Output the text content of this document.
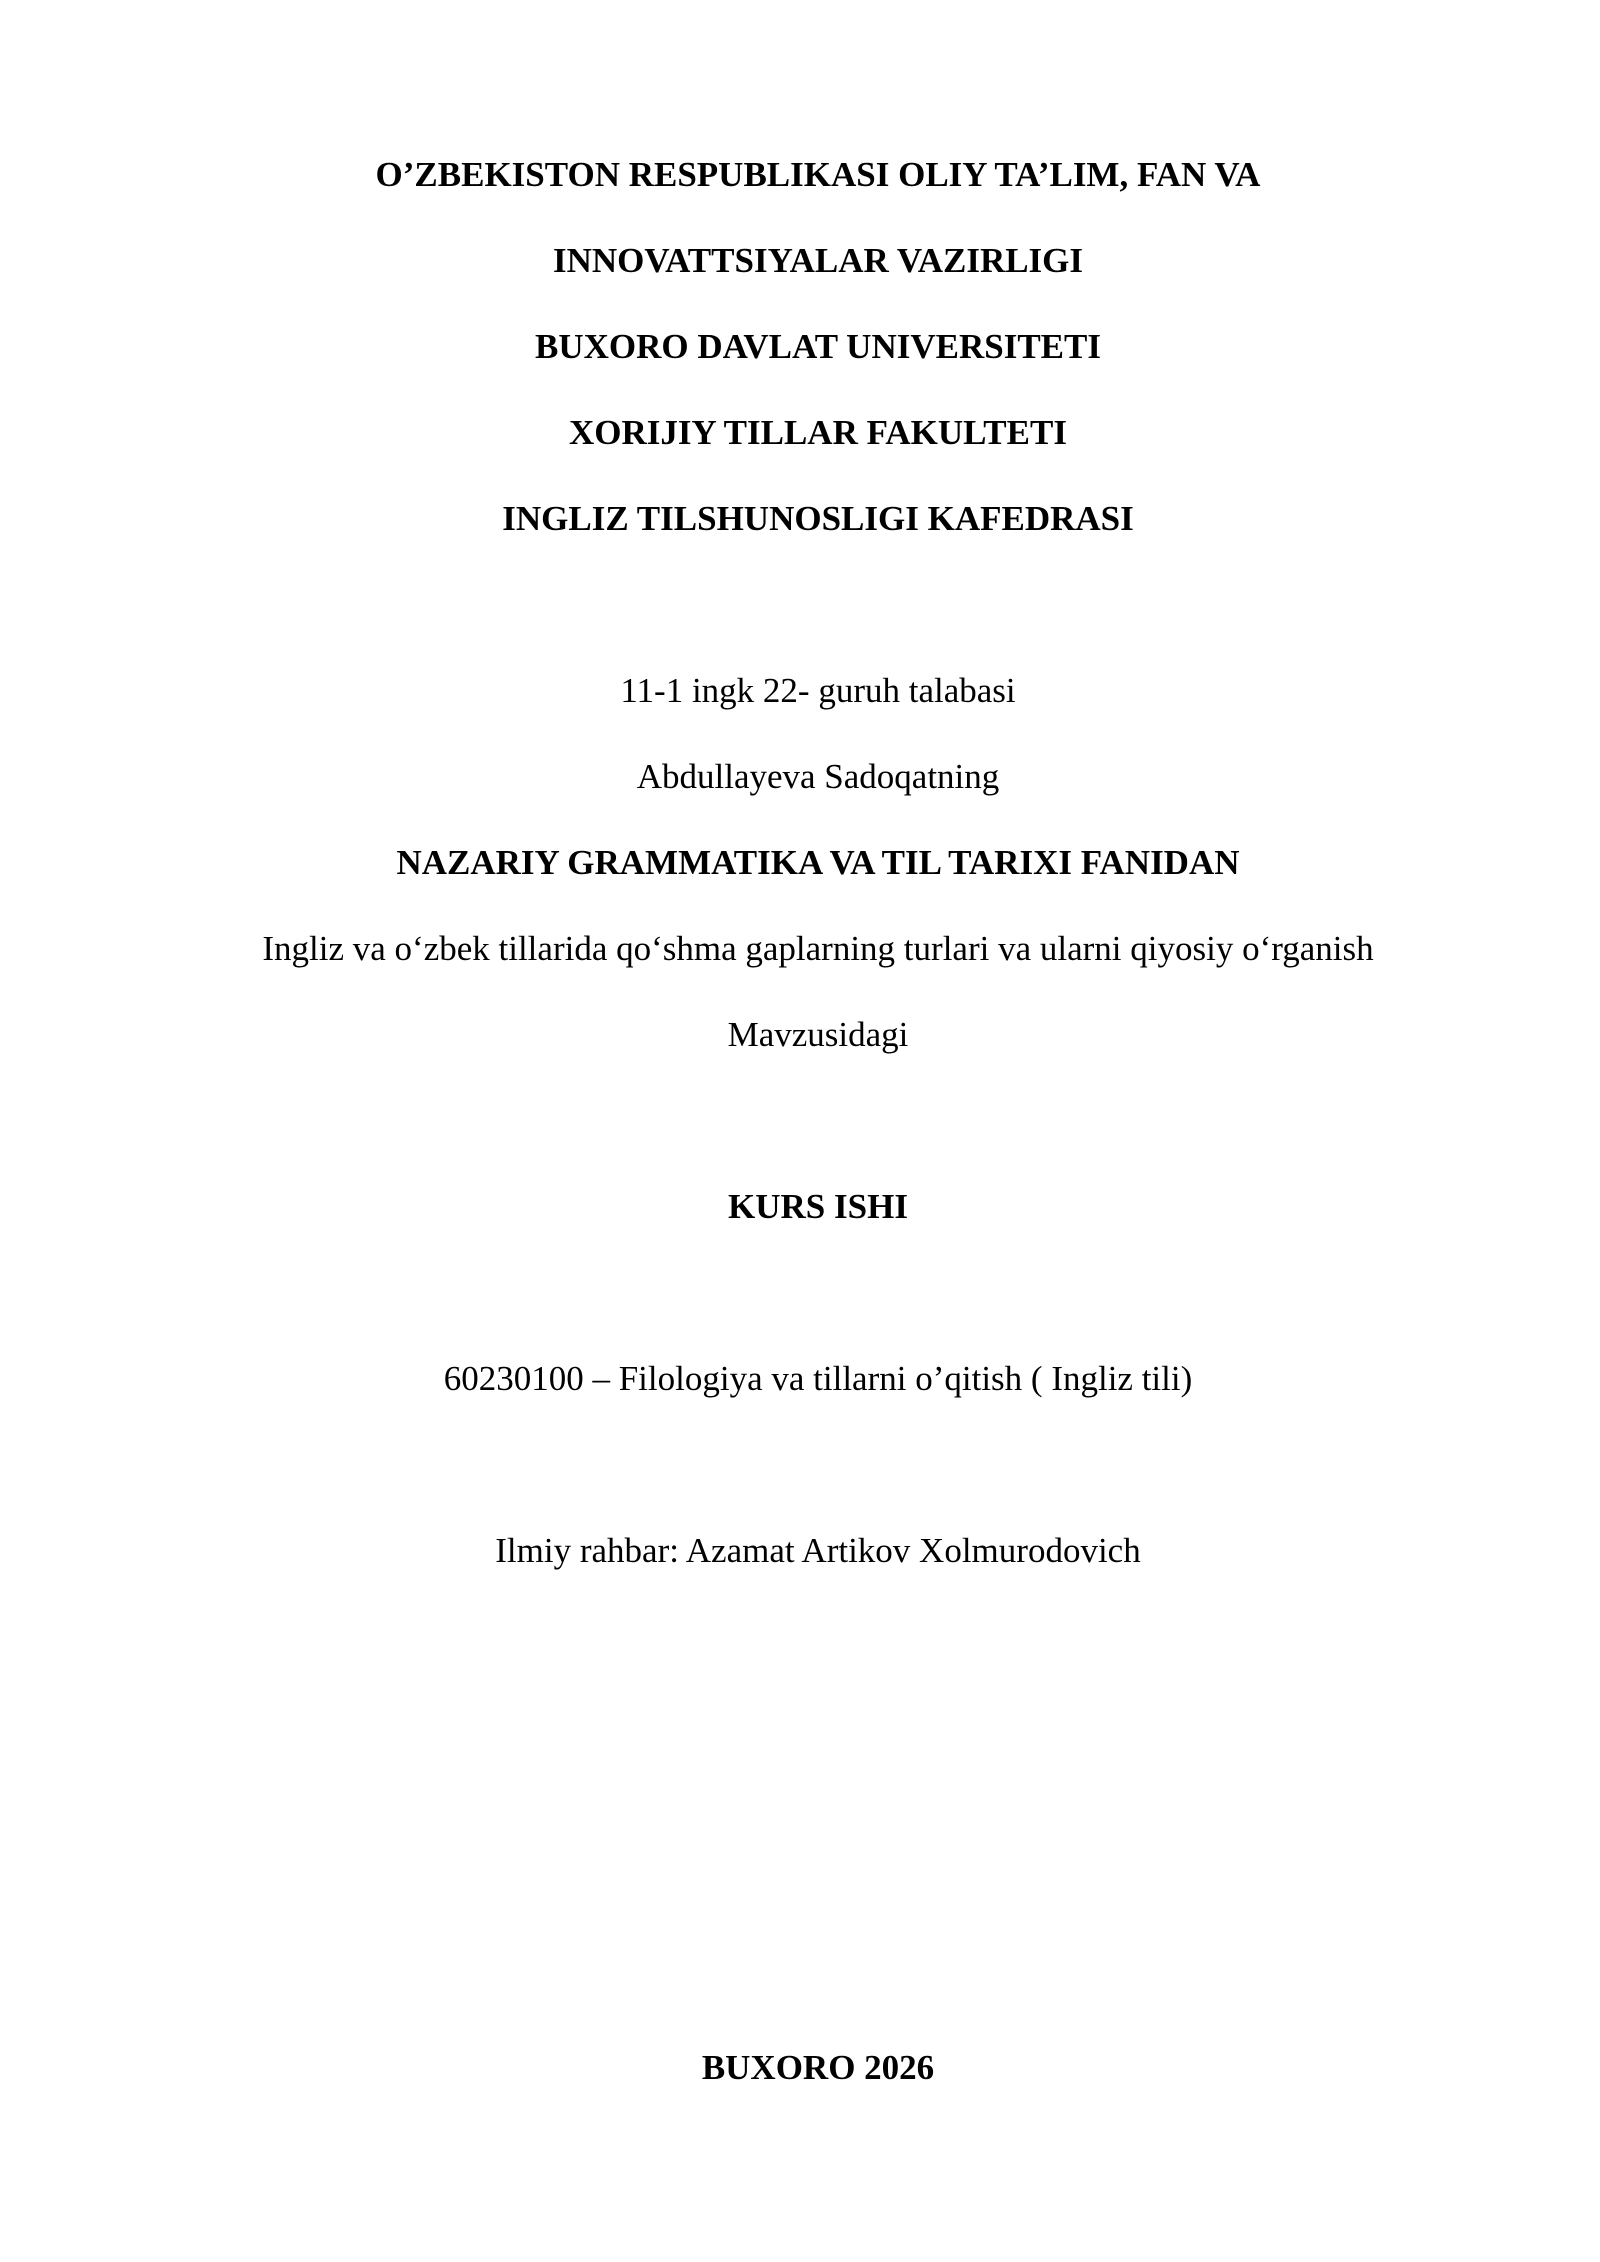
O’ZBEKISTON RESPUBLIKASI OLIY TA’LIM, FAN VA
INNOVATTSIYALAR VAZIRLIGI
BUXORO DAVLAT UNIVERSITETI
XORIJIY TILLAR FAKULTETI
INGLIZ TILSHUNOSLIGI KAFEDRASI
11-1 ingk 22- guruh talabasi
Abdullayeva Sadoqatning
NAZARIY GRAMMATIKA VA TIL TARIXI FANIDAN
Ingliz va o‘zbek tillarida qo‘shma gaplarning turlari va ularni qiyosiy o‘rganish
Mavzusidagi
KURS ISHI
60230100 – Filologiya va tillarni o’qitish ( Ingliz tili)
Ilmiy rahbar: Azamat Artikov Xolmurodovich
BUXORO 2026
